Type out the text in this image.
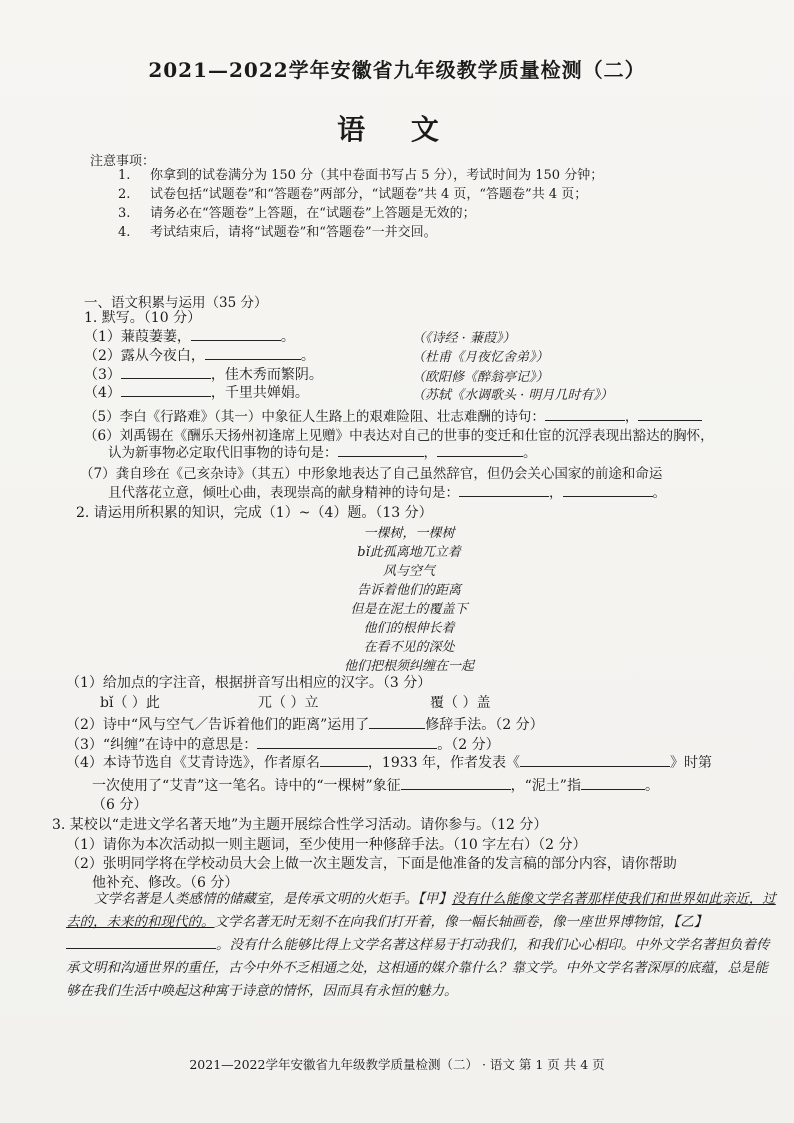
2021—2022学年安徽省九年级教学质量检测（二）
语 文
注意事项：
1.	你拿到的试卷满分为 150 分（其中卷面书写占 5 分），考试时间为 150 分钟；
2.	试卷包括“试题卷”和“答题卷”两部分，“试题卷”共 4 页，“答题卷”共 4 页；
3.	请务必在“答题卷”上答题，在“试题卷”上答题是无效的；
4.	考试结束后，请将“试题卷”和“答题卷”一并交回。
一、语文积累与运用（35 分）
1. 默写。（10 分）
（1）蒹葭萋萋，	。	（《诗经 · 蒹葭》）
（2）露从今夜白，	。	（杜甫《月夜忆舍弟》）
（3）	，佳木秀而繁阴。	（欧阳修《醉翁亭记》）
（4）	，千里共婵娟。	（苏轼《水调歌头 · 明月几时有》）
（5）李白《行路难》（其一）中象征人生路上的艰难险阻、壮志难酬的诗句：	，
（6）刘禹锡在《酬乐天扬州初逢席上见赠》中表达对自己的世事的变迁和仕宦的沉浮表现出豁达的胸怀，
认为新事物必定取代旧事物的诗句是：	，	。
（7）龚自珍在《己亥杂诗》（其五）中形象地表达了自己虽然辞官，但仍会关心国家的前途和命运
且代落花立意，倾吐心曲，表现崇高的献身精神的诗句是：	，	。
2. 请运用所积累的知识，完成（1）~（4）题。（13 分）
一棵树，一棵树
bǐ此孤离地兀立着
风与空气
告诉着他们的距离
但是在泥土的覆盖下
他们的根伸长着
在看不见的深处
他们把根须纠缠在一起
（1）给加点的字注音，根据拼音写出相应的汉字。（3 分）
bǐ（ ）此	兀（ ）立	覆（ ）盖
（2）诗中“风与空气／告诉着他们的距离”运用了	修辞手法。（2 分）
（3）“纠缠”在诗中的意思是：	。（2 分）
（4）本诗节选自《艾青诗选》，作者原名	，1933 年，作者发表《	》时第
一次使用了“艾青”这一笔名。诗中的“一棵树”象征	，“泥土”指	。
（6 分）
3. 某校以“走进文学名著天地”为主题开展综合性学习活动。请你参与。（12 分）
（1）请你为本次活动拟一则主题词，至少使用一种修辞手法。（10 字左右）（2 分）
（2）张明同学将在学校动员大会上做一次主题发言，下面是他准备的发言稿的部分内容，请你帮助
他补充、修改。（6 分）
文学名著是人类感情的储藏室，是传承文明的火炬手。【甲】没有什么能像文学名著那样使我们和世界如此亲近，过去的，未来的和现代的。文学名著无时无刻不在向我们打开着，像一幅长轴画卷，像一座世界博物馆，【乙】。没有什么能够比得上文学名著这样易于打动我们，和我们心心相印。中外文学名著担负着传承文明和沟通世界的重任，古今中外不乏相通之处，这相通的媒介靠什么？靠文学。中外文学名著深厚的底蕴，总是能够在我们生活中唤起这种寓于诗意的情怀，因而具有永恒的魅力。
2021—2022学年安徽省九年级教学质量检测（二） · 语文 第 1 页 共 4 页
